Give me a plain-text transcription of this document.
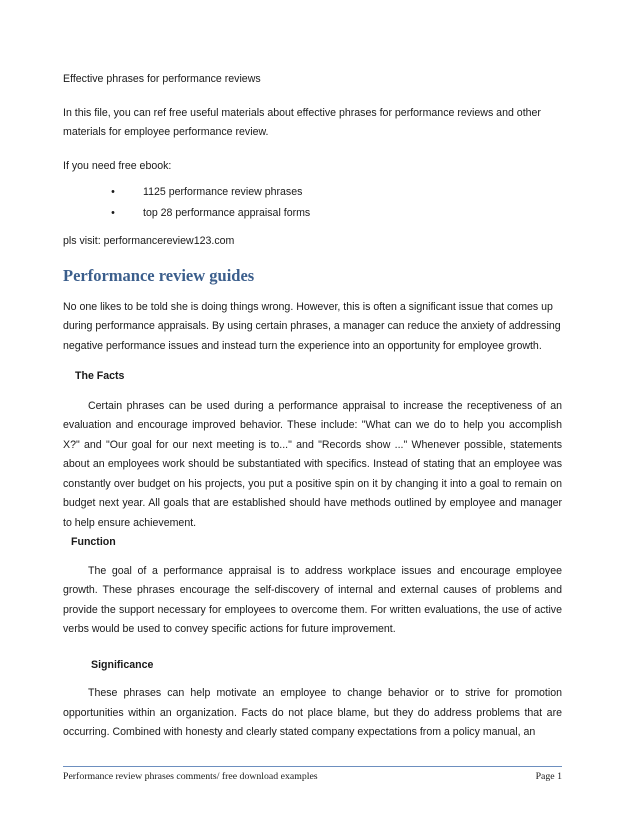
Effective phrases for performance reviews

In this file, you can ref free useful materials about effective phrases for performance reviews and other materials for employee performance review.

If you need free ebook:

•	1125 performance review phrases
•	top 28 performance appraisal forms

pls visit: performancereview123.com

Performance review guides

No one likes to be told she is doing things wrong. However, this is often a significant issue that comes up during performance appraisals. By using certain phrases, a manager can reduce the anxiety of addressing negative performance issues and instead turn the experience into an opportunity for employee growth.

The Facts

Certain phrases can be used during a performance appraisal to increase the receptiveness of an evaluation and encourage improved behavior. These include: "What can we do to help you accomplish X?" and "Our goal for our next meeting is to..." and "Records show ..." Whenever possible, statements about an employees work should be substantiated with specifics. Instead of stating that an employee was constantly over budget on his projects, you put a positive spin on it by changing it into a goal to remain on budget next year. All goals that are established should have methods outlined by employee and manager to help ensure achievement.

Function

The goal of a performance appraisal is to address workplace issues and encourage employee growth. These phrases encourage the self-discovery of internal and external causes of problems and provide the support necessary for employees to overcome them. For written evaluations, the use of active verbs would be used to convey specific actions for future improvement.

Significance

These phrases can help motivate an employee to change behavior or to strive for promotion opportunities within an organization. Facts do not place blame, but they do address problems that are occurring. Combined with honesty and clearly stated company expectations from a policy manual, an

Performance review phrases comments/ free download examples	Page 1
